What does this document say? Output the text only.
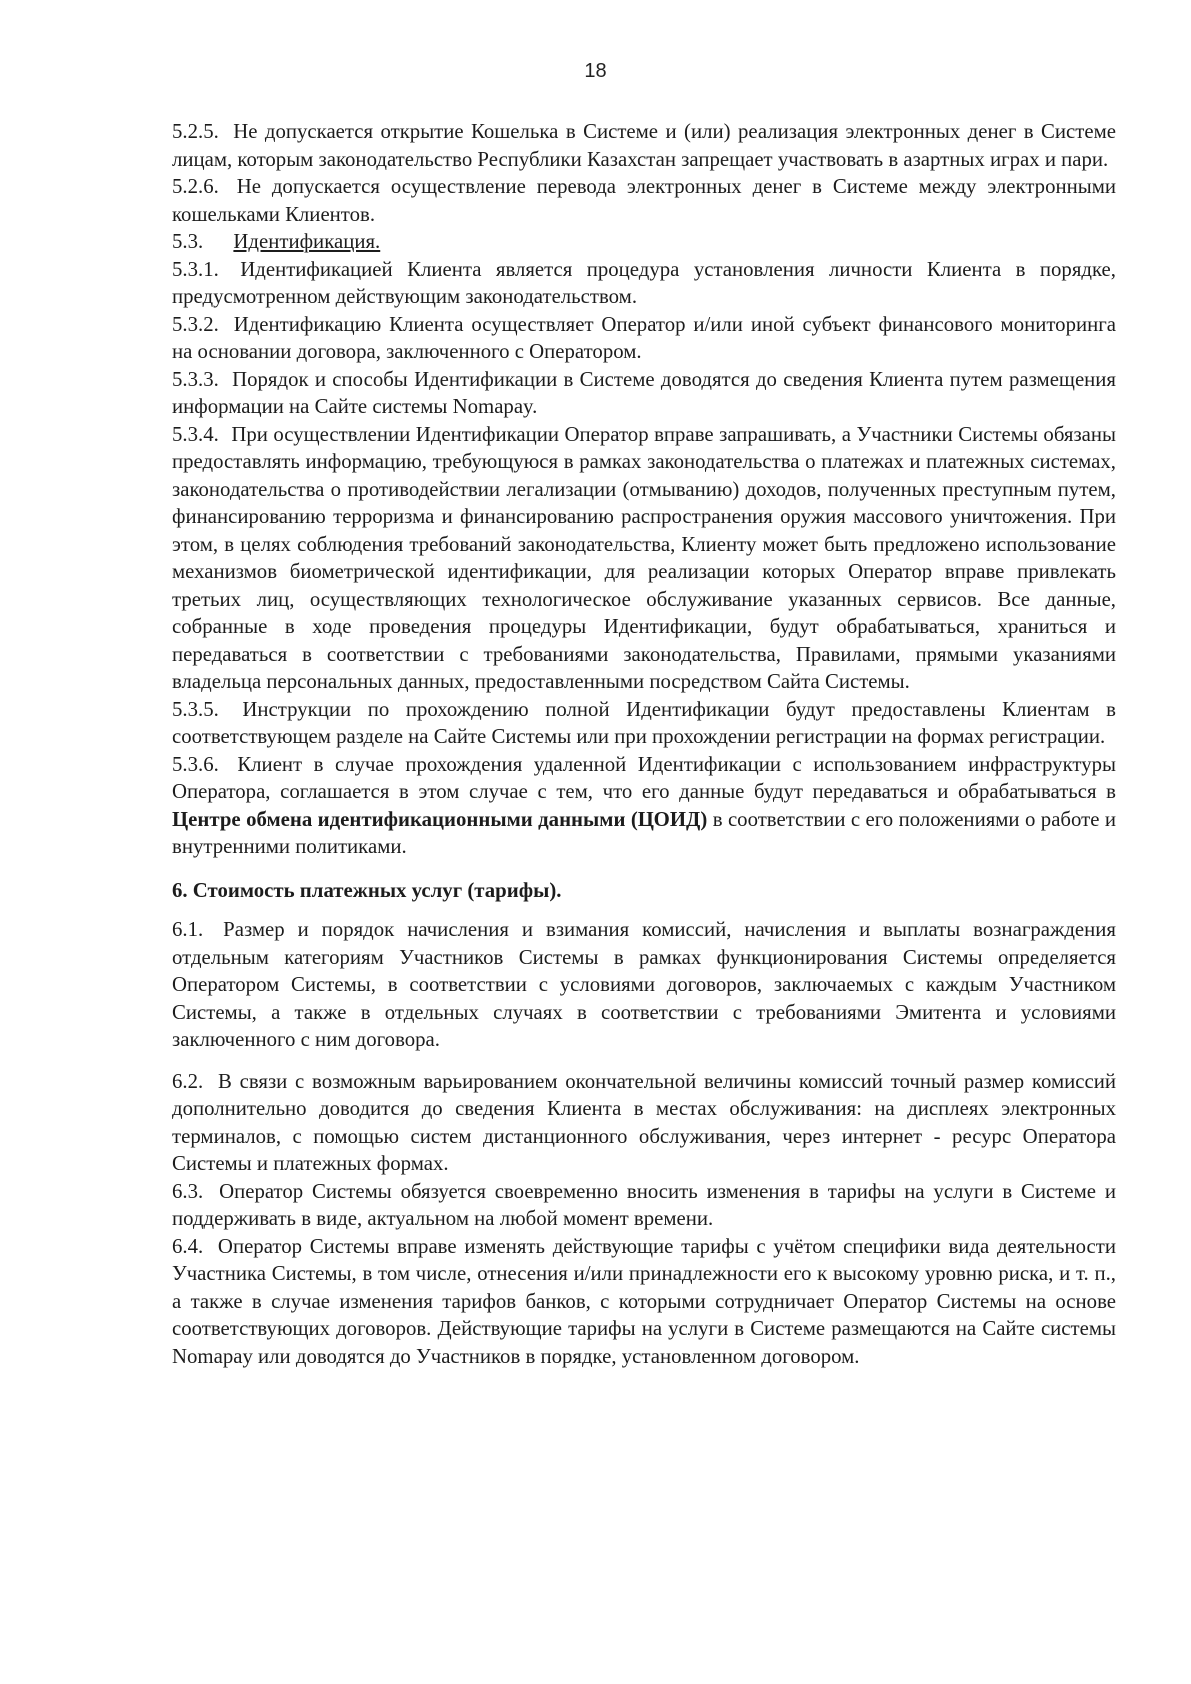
18

5.2.5. Не допускается открытие Кошелька в Системе и (или) реализация электронных денег в Системе лицам, которым законодательство Республики Казахстан запрещает участвовать в азартных играх и пари.

5.2.6. Не допускается осуществление перевода электронных денег в Системе между электронными кошельками Клиентов.

5.3. Идентификация.

5.3.1. Идентификацией Клиента является процедура установления личности Клиента в порядке, предусмотренном действующим законодательством.

5.3.2. Идентификацию Клиента осуществляет Оператор и/или иной субъект финансового мониторинга на основании договора, заключенного с Оператором.

5.3.3. Порядок и способы Идентификации в Системе доводятся до сведения Клиента путем размещения информации на Сайте системы Nomapay.

5.3.4. При осуществлении Идентификации Оператор вправе запрашивать, а Участники Системы обязаны предоставлять информацию, требующуюся в рамках законодательства о платежах и платежных системах, законодательства о противодействии легализации (отмыванию) доходов, полученных преступным путем, финансированию терроризма и финансированию распространения оружия массового уничтожения. При этом, в целях соблюдения требований законодательства, Клиенту может быть предложено использование механизмов биометрической идентификации, для реализации которых Оператор вправе привлекать третьих лиц, осуществляющих технологическое обслуживание указанных сервисов. Все данные, собранные в ходе проведения процедуры Идентификации, будут обрабатываться, храниться и передаваться в соответствии с требованиями законодательства, Правилами, прямыми указаниями владельца персональных данных, предоставленными посредством Сайта Системы.

5.3.5. Инструкции по прохождению полной Идентификации будут предоставлены Клиентам в соответствующем разделе на Сайте Системы или при прохождении регистрации на формах регистрации.

5.3.6. Клиент в случае прохождения удаленной Идентификации с использованием инфраструктуры Оператора, соглашается в этом случае с тем, что его данные будут передаваться и обрабатываться в Центре обмена идентификационными данными (ЦОИД) в соответствии с его положениями о работе и внутренними политиками.

6. Стоимость платежных услуг (тарифы).

6.1. Размер и порядок начисления и взимания комиссий, начисления и выплаты вознаграждения отдельным категориям Участников Системы в рамках функционирования Системы определяется Оператором Системы, в соответствии с условиями договоров, заключаемых с каждым Участником Системы, а также в отдельных случаях в соответствии с требованиями Эмитента и условиями заключенного с ним договора.

6.2. В связи с возможным варьированием окончательной величины комиссий точный размер комиссий дополнительно доводится до сведения Клиента в местах обслуживания: на дисплеях электронных терминалов, с помощью систем дистанционного обслуживания, через интернет - ресурс Оператора Системы и платежных формах.

6.3. Оператор Системы обязуется своевременно вносить изменения в тарифы на услуги в Системе и поддерживать в виде, актуальном на любой момент времени.

6.4. Оператор Системы вправе изменять действующие тарифы с учётом специфики вида деятельности Участника Системы, в том числе, отнесения и/или принадлежности его к высокому уровню риска, и т. п., а также в случае изменения тарифов банков, с которыми сотрудничает Оператор Системы на основе соответствующих договоров. Действующие тарифы на услуги в Системе размещаются на Сайте системы Nomapay или доводятся до Участников в порядке, установленном договором.
